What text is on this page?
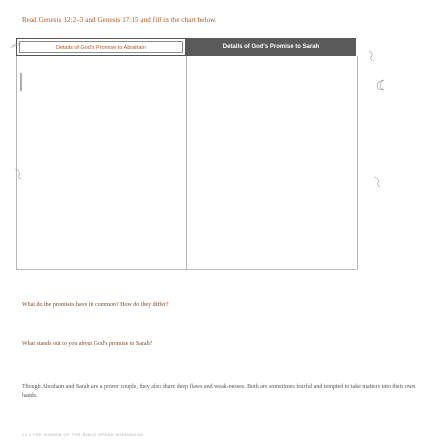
Read Genesis 12:2–3 and Genesis 17:15 and fill in the chart below.
Details of God's Promise to Abraham	Details of God's Promise to Sarah
What do the promises have in common? How do they differ?
What stands out to you about God's promise to Sarah?
Though Abraham and Sarah are a power couple, they also share deep flaws and weak-nesses. Both are sometimes fearful and tempted to take matters into their own hands.
12 • THE WOMEN OF THE BIBLE SPEAK WORKBOOK
